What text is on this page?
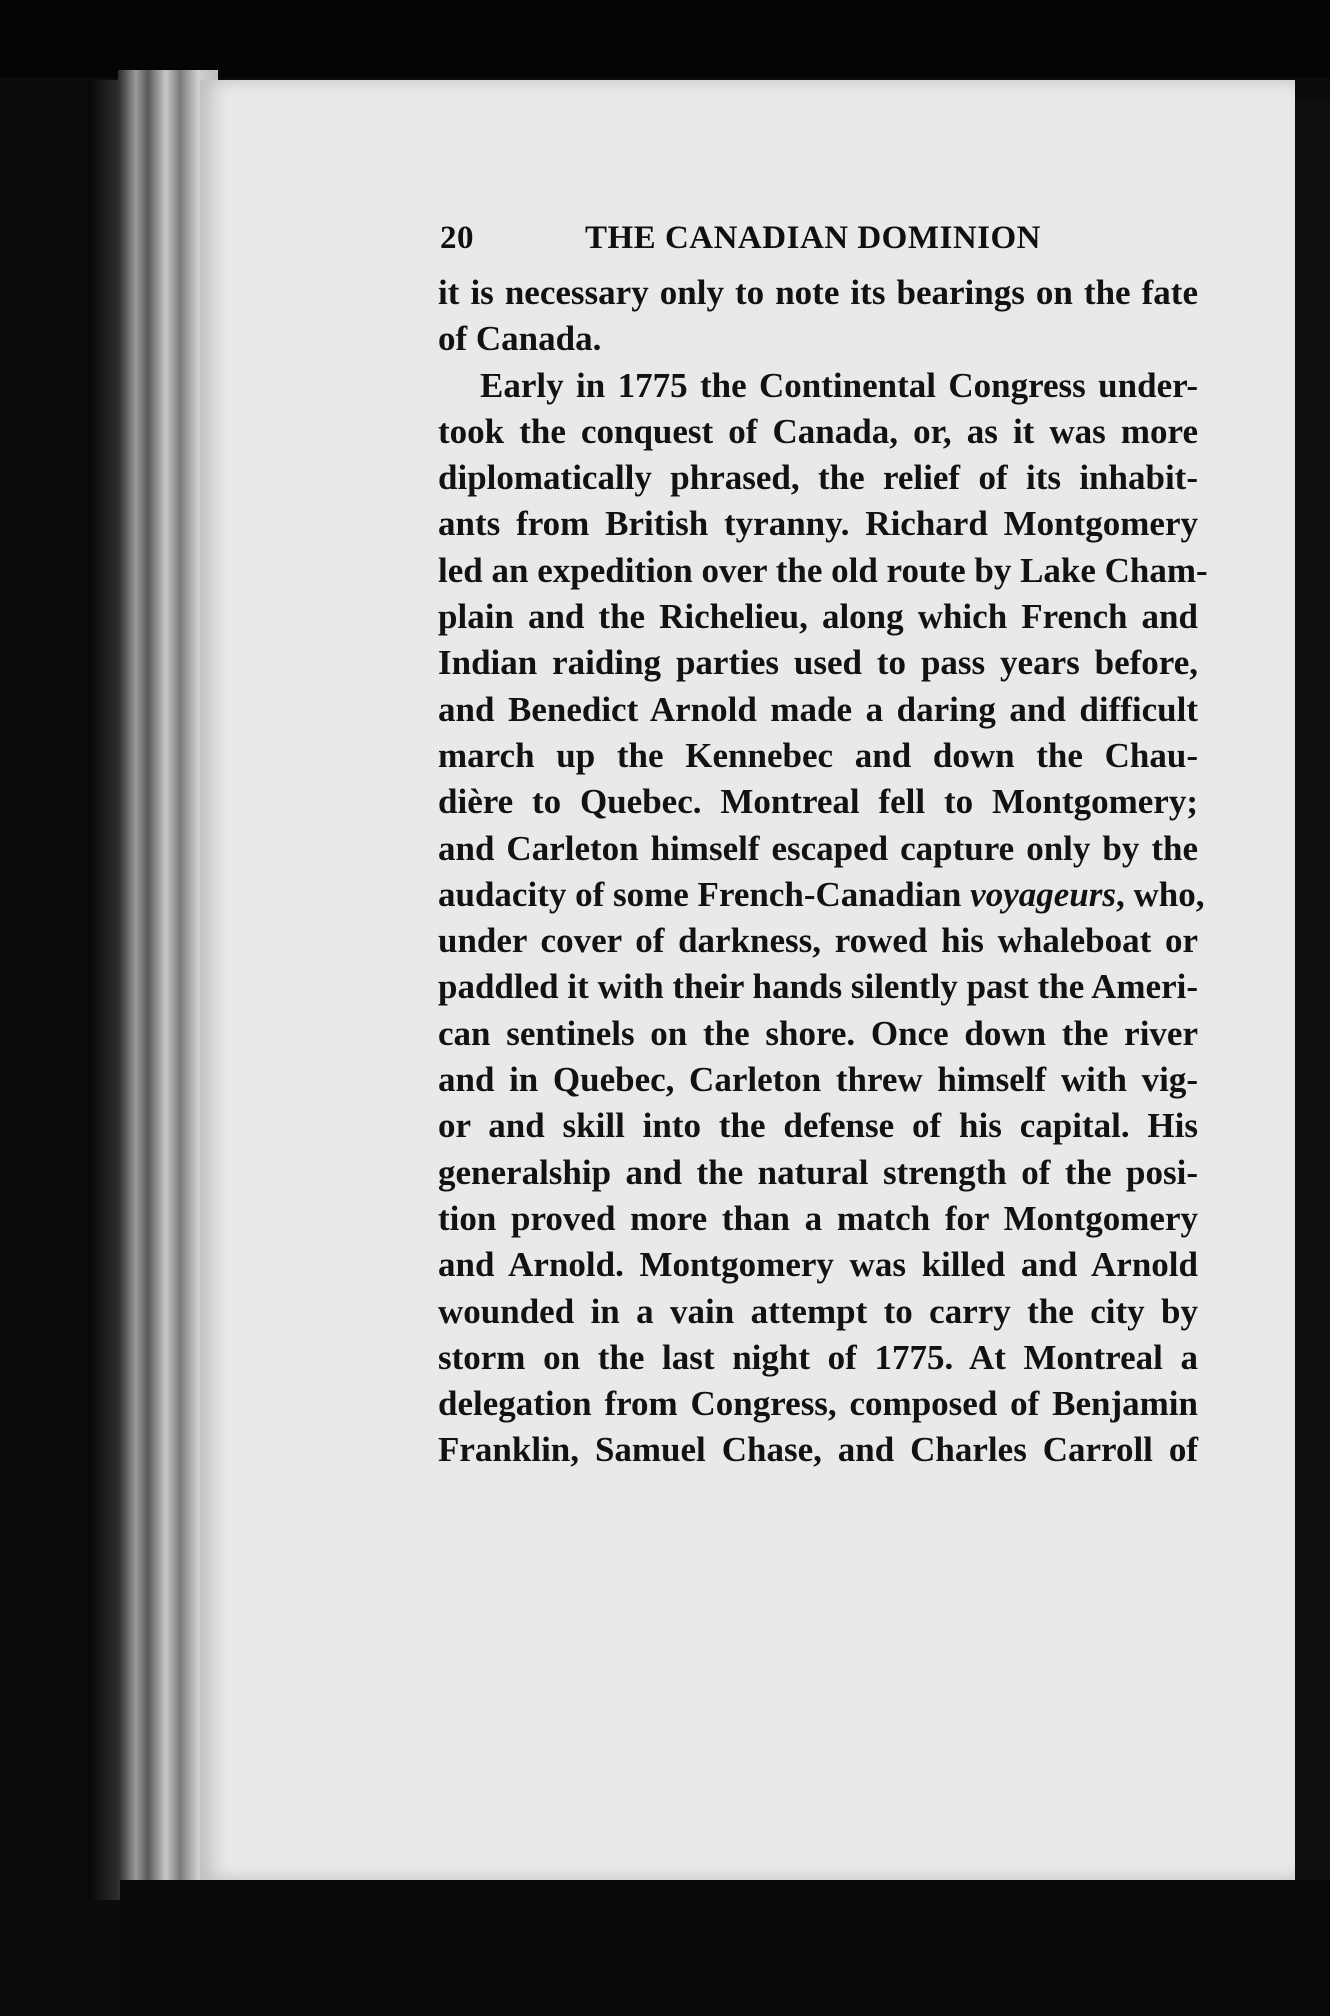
20	THE CANADIAN DOMINION
it is necessary only to note its bearings on the fate
of Canada.
Early in 1775 the Continental Congress under-
took the conquest of Canada, or, as it was more
diplomatically phrased, the relief of its inhabit-
ants from British tyranny. Richard Montgomery
led an expedition over the old route by Lake Cham-
plain and the Richelieu, along which French and
Indian raiding parties used to pass years before,
and Benedict Arnold made a daring and difficult
march up the Kennebec and down the Chau-
dière to Quebec. Montreal fell to Montgomery;
and Carleton himself escaped capture only by the
audacity of some French-Canadian voyageurs, who,
under cover of darkness, rowed his whaleboat or
paddled it with their hands silently past the Ameri-
can sentinels on the shore. Once down the river
and in Quebec, Carleton threw himself with vig-
or and skill into the defense of his capital. His
generalship and the natural strength of the posi-
tion proved more than a match for Montgomery
and Arnold. Montgomery was killed and Arnold
wounded in a vain attempt to carry the city by
storm on the last night of 1775. At Montreal a
delegation from Congress, composed of Benjamin
Franklin, Samuel Chase, and Charles Carroll of
